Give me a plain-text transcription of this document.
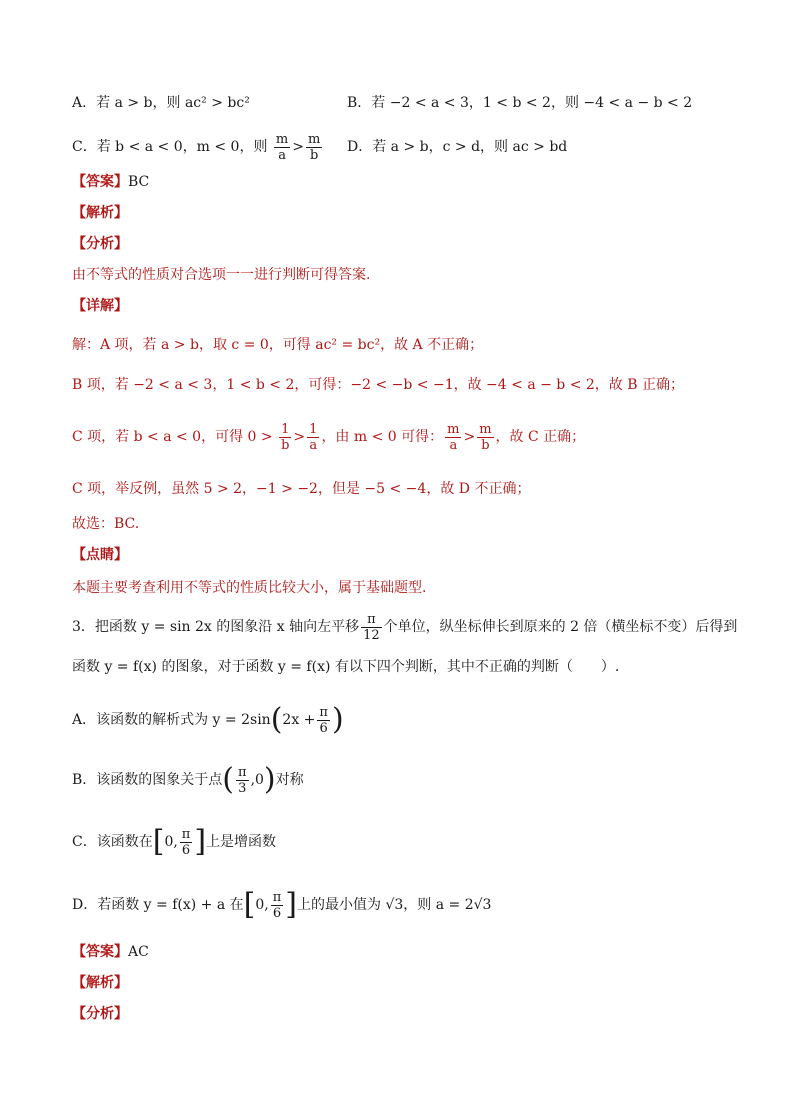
A．若 a > b，则 ac² > bc²	B．若 −2 < a < 3，1 < b < 2，则 −4 < a − b < 2
C．若 b < a < 0，m < 0，则 $\frac{m}{a} > \frac{m}{b}$ D．若 a > b，c > d，则 ac > bd
【答案】BC
【解析】
【分析】
由不等式的性质对合选项一一进行判断可得答案.
【详解】
解：A 项，若 a > b，取 c = 0，可得 ac² = bc²，故 A 不正确；
B 项，若 −2 < a < 3，1 < b < 2，可得：−2 < −b < −1，故 −4 < a − b < 2，故 B 正确；
C 项，若 b < a < 0，可得 $0 > \frac{1}{b} > \frac{1}{a}$ ，由 m < 0 可得： $\frac{m}{a} > \frac{m}{b}$ ，故 C 正确；
C 项，举反例，虽然 5 > 2，−1 > −2，但是 −5 < −4，故 D 不正确；
故选：BC.
【点睛】
本题主要考查利用不等式的性质比较大小，属于基础题型.
3．把函数 y = sin 2x 的图象沿 x 轴向左平移 $\frac{\pi}{12}$ 个单位，纵坐标伸长到原来的 2 倍（横坐标不变）后得到
函数 y = f(x) 的图象，对于函数 y = f(x) 有以下四个判断，其中不正确的判断（　　）.
A．该函数的解析式为 $y = 2\sin(2x + \frac{\pi}{6}$ )
B．该函数的图象关于点( $\frac{\pi}{3} ,0$)对称
C．该函数在[0, $\frac{\pi}{6}$ ]上是增函数
D．若函数 y = f(x) + a 在[0, $\frac{\pi}{6}$ ]上的最小值为 √3，则 a = 2√3
【答案】AC
【解析】
【分析】
